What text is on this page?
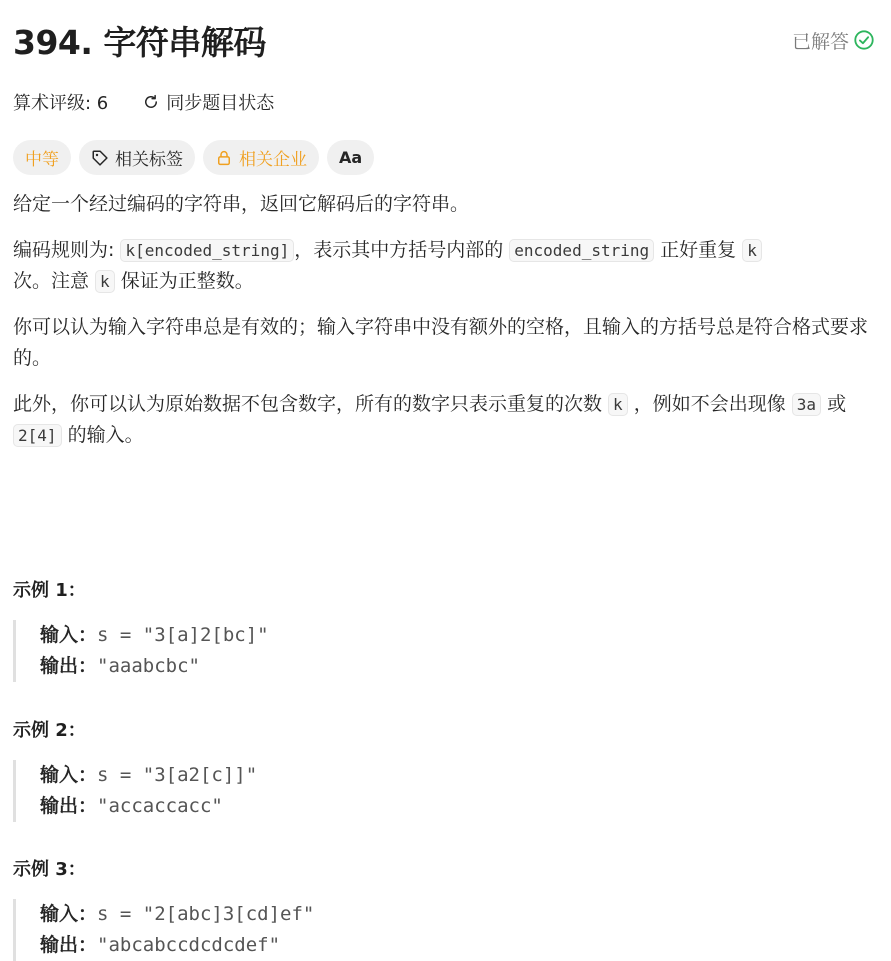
394. 字符串解码	已解答
算术评级: 6	同步题目状态
中等	相关标签	相关企业 Aa

给定一个经过编码的字符串，返回它解码后的字符串。

编码规则为: k[encoded_string] ，表示其中方括号内部的 encoded_string 正好重复 k
次。注意 k 保证为正整数。

你可以认为输入字符串总是有效的；输入字符串中没有额外的空格，且输入的方括号总是符合格式要求的。

此外，你可以认为原始数据不包含数字，所有的数字只表示重复的次数 k ，例如不会出现像 3a 或 2[4] 的输入。

示例 1：
输入：s = "3[a]2[bc]"
输出："aaabcbc"
示例 2：
输入：s = "3[a2[c]]"
输出："accaccacc"
示例 3：
输入：s = "2[abc]3[cd]ef"
输出："abcabccdcdcdef"
